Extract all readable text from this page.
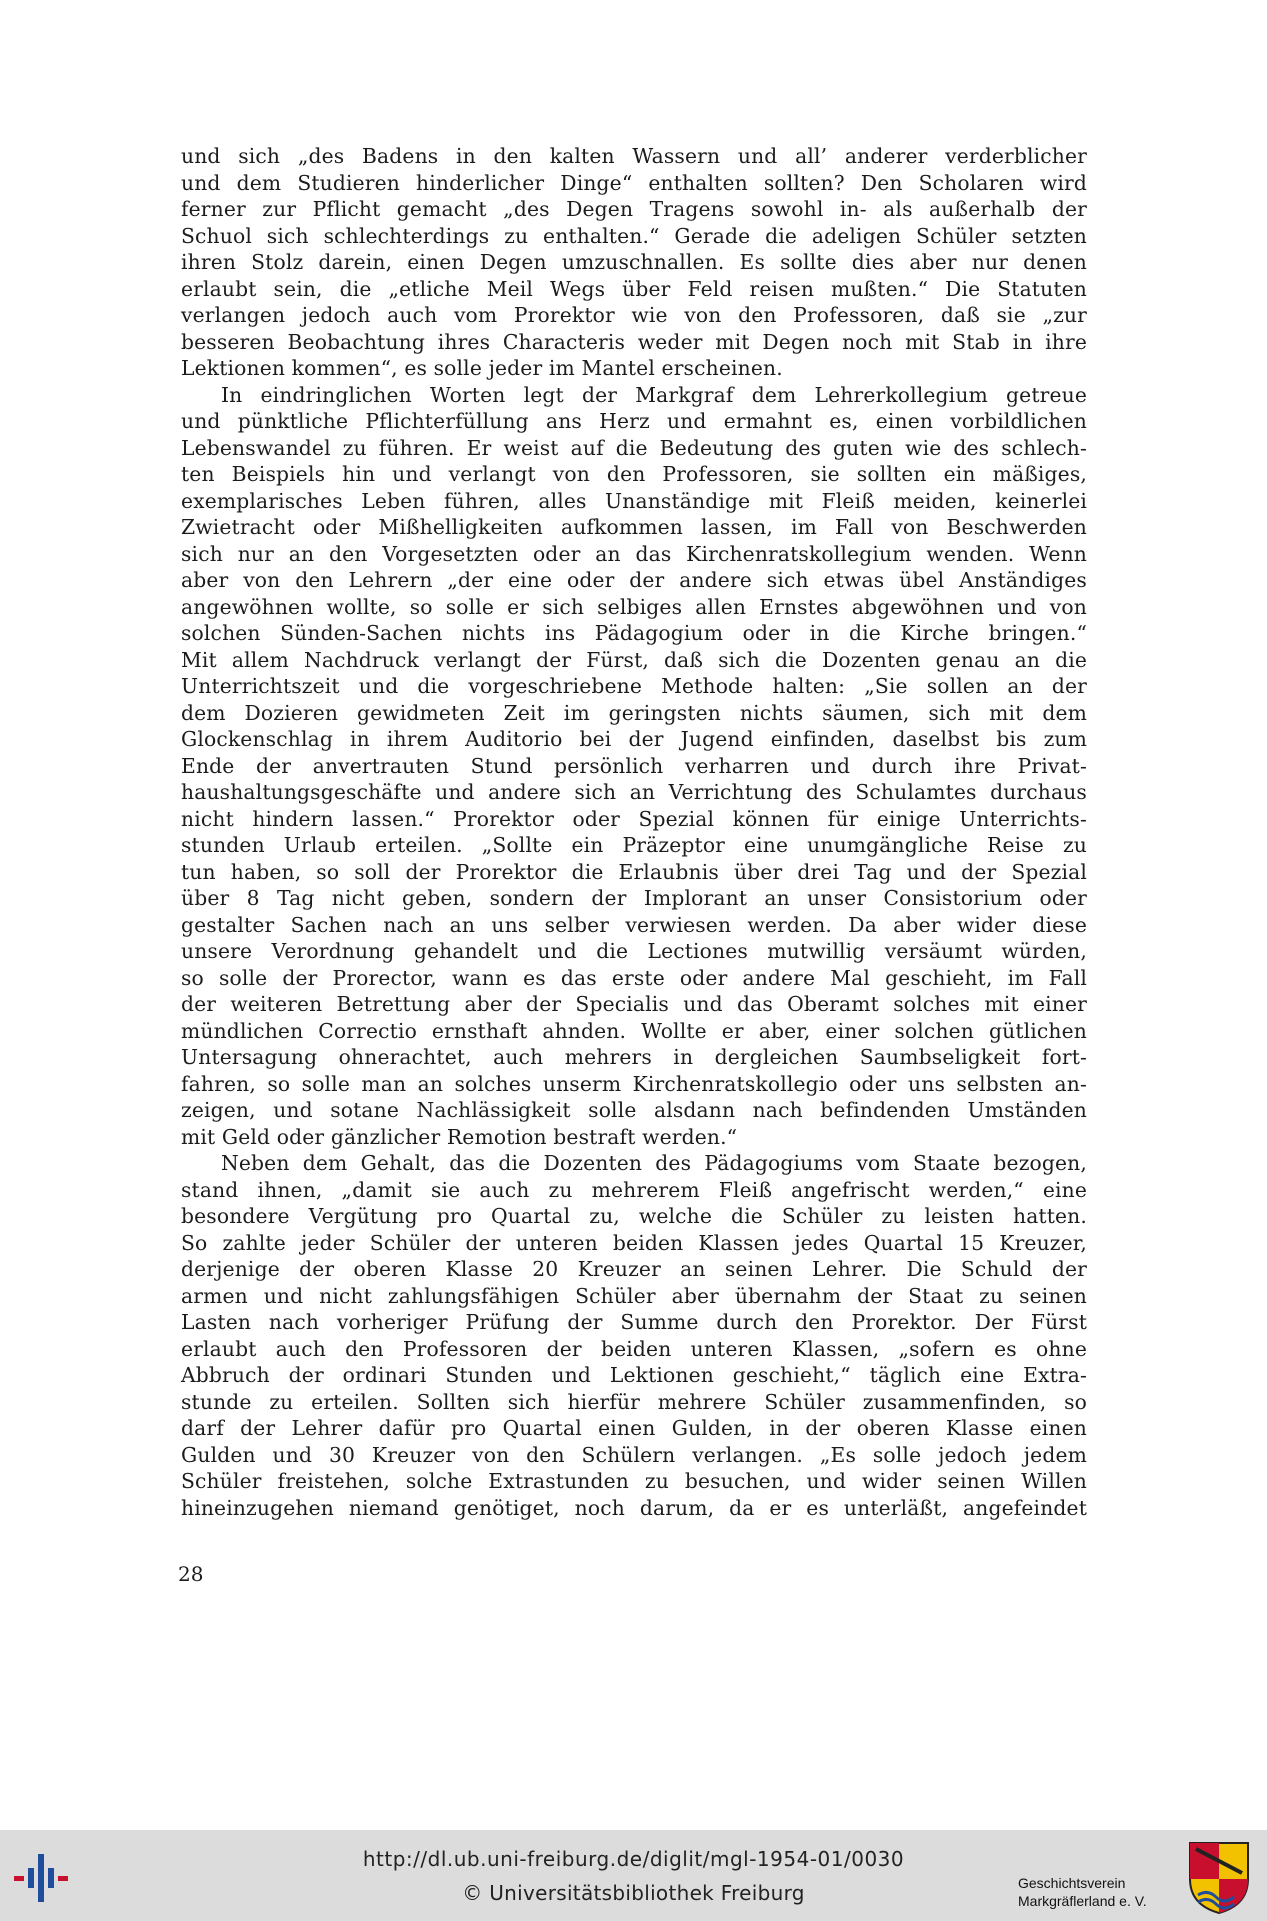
und sich „des Badens in den kalten Wassern und all’ anderer verderblicher
und dem Studieren hinderlicher Dinge“ enthalten sollten? Den Scholaren wird
ferner zur Pflicht gemacht „des Degen Tragens sowohl in- als außerhalb der
Schuol sich schlechterdings zu enthalten.“ Gerade die adeligen Schüler setzten
ihren Stolz darein, einen Degen umzuschnallen. Es sollte dies aber nur denen
erlaubt sein, die „etliche Meil Wegs über Feld reisen mußten.“ Die Statuten
verlangen jedoch auch vom Prorektor wie von den Professoren, daß sie „zur
besseren Beobachtung ihres Characteris weder mit Degen noch mit Stab in ihre
Lektionen kommen“, es solle jeder im Mantel erscheinen.
In eindringlichen Worten legt der Markgraf dem Lehrerkollegium getreue
und pünktliche Pflichterfüllung ans Herz und ermahnt es, einen vorbildlichen
Lebenswandel zu führen. Er weist auf die Bedeutung des guten wie des schlech-
ten Beispiels hin und verlangt von den Professoren, sie sollten ein mäßiges,
exemplarisches Leben führen, alles Unanständige mit Fleiß meiden, keinerlei
Zwietracht oder Mißhelligkeiten aufkommen lassen, im Fall von Beschwerden
sich nur an den Vorgesetzten oder an das Kirchenratskollegium wenden. Wenn
aber von den Lehrern „der eine oder der andere sich etwas übel Anständiges
angewöhnen wollte, so solle er sich selbiges allen Ernstes abgewöhnen und von
solchen Sünden-Sachen nichts ins Pädagogium oder in die Kirche bringen.“
Mit allem Nachdruck verlangt der Fürst, daß sich die Dozenten genau an die
Unterrichtszeit und die vorgeschriebene Methode halten: „Sie sollen an der
dem Dozieren gewidmeten Zeit im geringsten nichts säumen, sich mit dem
Glockenschlag in ihrem Auditorio bei der Jugend einfinden, daselbst bis zum
Ende der anvertrauten Stund persönlich verharren und durch ihre Privat-
haushaltungsgeschäfte und andere sich an Verrichtung des Schulamtes durchaus
nicht hindern lassen.“ Prorektor oder Spezial können für einige Unterrichts-
stunden Urlaub erteilen. „Sollte ein Präzeptor eine unumgängliche Reise zu
tun haben, so soll der Prorektor die Erlaubnis über drei Tag und der Spezial
über 8 Tag nicht geben, sondern der Implorant an unser Consistorium oder
gestalter Sachen nach an uns selber verwiesen werden. Da aber wider diese
unsere Verordnung gehandelt und die Lectiones mutwillig versäumt würden,
so solle der Prorector, wann es das erste oder andere Mal geschieht, im Fall
der weiteren Betrettung aber der Specialis und das Oberamt solches mit einer
mündlichen Correctio ernsthaft ahnden. Wollte er aber, einer solchen gütlichen
Untersagung ohnerachtet, auch mehrers in dergleichen Saumbseligkeit fort-
fahren, so solle man an solches unserm Kirchenratskollegio oder uns selbsten an-
zeigen, und sotane Nachlässigkeit solle alsdann nach befindenden Umständen
mit Geld oder gänzlicher Remotion bestraft werden.“
Neben dem Gehalt, das die Dozenten des Pädagogiums vom Staate bezogen,
stand ihnen, „damit sie auch zu mehrerem Fleiß angefrischt werden,“ eine
besondere Vergütung pro Quartal zu, welche die Schüler zu leisten hatten.
So zahlte jeder Schüler der unteren beiden Klassen jedes Quartal 15 Kreuzer,
derjenige der oberen Klasse 20 Kreuzer an seinen Lehrer. Die Schuld der
armen und nicht zahlungsfähigen Schüler aber übernahm der Staat zu seinen
Lasten nach vorheriger Prüfung der Summe durch den Prorektor. Der Fürst
erlaubt auch den Professoren der beiden unteren Klassen, „sofern es ohne
Abbruch der ordinari Stunden und Lektionen geschieht,“ täglich eine Extra-
stunde zu erteilen. Sollten sich hierfür mehrere Schüler zusammenfinden, so
darf der Lehrer dafür pro Quartal einen Gulden, in der oberen Klasse einen
Gulden und 30 Kreuzer von den Schülern verlangen. „Es solle jedoch jedem
Schüler freistehen, solche Extrastunden zu besuchen, und wider seinen Willen
hineinzugehen niemand genötiget, noch darum, da er es unterläßt, angefeindet
28
http://dl.ub.uni-freiburg.de/diglit/mgl-1954-01/0030
© Universitätsbibliothek Freiburg	Geschichtsverein
Markgräflerland e. V.
